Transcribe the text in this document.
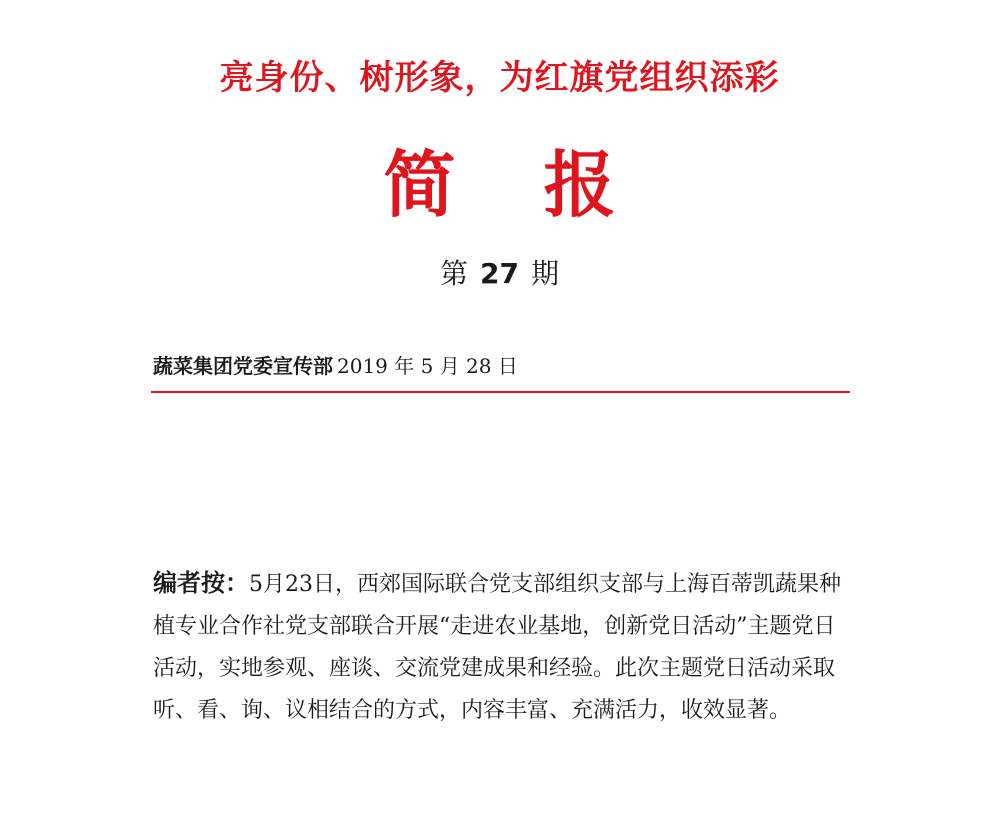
亮身份、树形象，为红旗党组织添彩
简 报
第 27 期
蔬菜集团党委宣传部 2019 年 5 月 28 日

编者按：5月23日，西郊国际联合党支部组织支部与上海百蒂凯蔬果种植专业合作社党支部联合开展“走进农业基地，创新党日活动”主题党日活动，实地参观、座谈、交流党建成果和经验。此次主题党日活动采取听、看、询、议相结合的方式，内容丰富、充满活力，收效显著。
